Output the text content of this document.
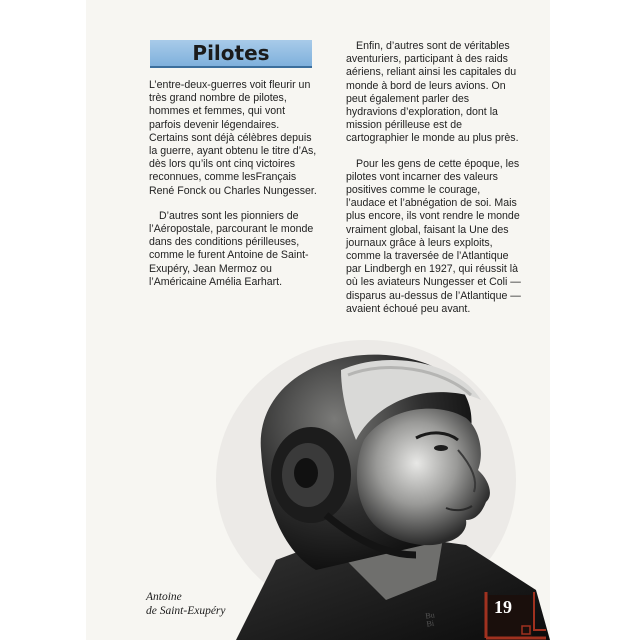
Pilotes

L’entre-deux-guerres voit fleurir un très grand nombre de pilotes, hommes et femmes, qui vont parfois devenir légendaires. Certains sont déjà célèbres depuis la guerre, ayant obtenu le titre d’As, dès lors qu’ils ont cinq victoires reconnues, comme lesFrançais René Fonck ou Charles Nungesser.

D’autres sont les pionniers de l’Aéropostale, parcourant le monde dans des conditions périlleuses, comme le furent Antoine de Saint-Exupéry, Jean Mermoz ou l’Américaine Amélia Earhart.

Enfin, d’autres sont de véritables aventuriers, participant à des raids aériens, reliant ainsi les capitales du monde à bord de leurs avions. On peut également parler des hydravions d’exploration, dont la mission périlleuse est de cartographier le monde au plus près.

Pour les gens de cette époque, les pilotes vont incarner des valeurs positives comme le courage, l’audace et l’abnégation de soi. Mais plus encore, ils vont rendre le monde vraiment global, faisant la Une des journaux grâce à leurs exploits, comme la traversée de l’Atlantique par Lindbergh en 1927, qui réussit là où les aviateurs Nungesser et Coli — disparus au-dessus de l’Atlantique — avaient échoué peu avant.

Antoine
de Saint-Exupéry	Bu
Bi
19
